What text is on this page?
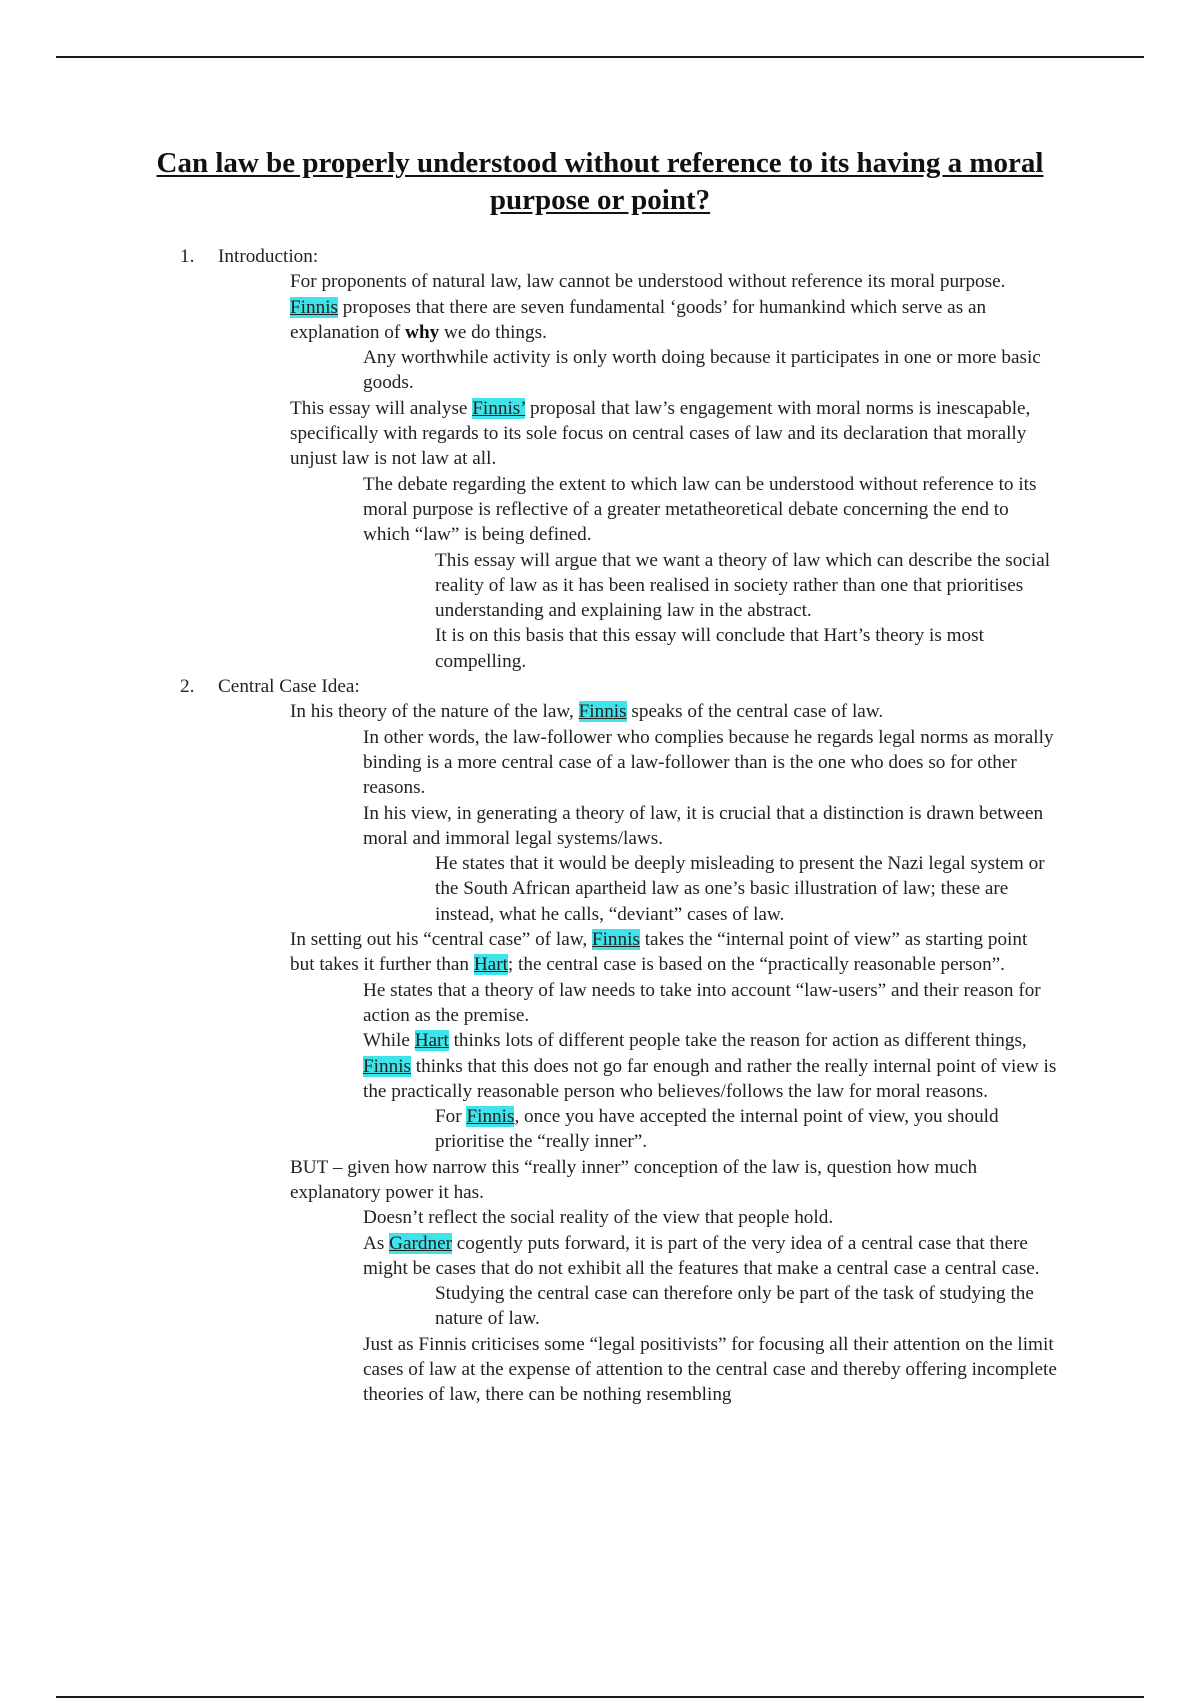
Can law be properly understood without reference to its having a moral purpose or point?
1. Introduction:
For proponents of natural law, law cannot be understood without reference its moral purpose.
Finnis proposes that there are seven fundamental ‘goods’ for humankind which serve as an explanation of why we do things.
Any worthwhile activity is only worth doing because it participates in one or more basic goods.
This essay will analyse Finnis’ proposal that law’s engagement with moral norms is inescapable, specifically with regards to its sole focus on central cases of law and its declaration that morally unjust law is not law at all.
The debate regarding the extent to which law can be understood without reference to its moral purpose is reflective of a greater metatheoretical debate concerning the end to which “law” is being defined.
This essay will argue that we want a theory of law which can describe the social reality of law as it has been realised in society rather than one that prioritises understanding and explaining law in the abstract.
It is on this basis that this essay will conclude that Hart’s theory is most compelling.
2. Central Case Idea:
In his theory of the nature of the law, Finnis speaks of the central case of law.
In other words, the law-follower who complies because he regards legal norms as morally binding is a more central case of a law-follower than is the one who does so for other reasons.
In his view, in generating a theory of law, it is crucial that a distinction is drawn between moral and immoral legal systems/laws.
He states that it would be deeply misleading to present the Nazi legal system or the South African apartheid law as one’s basic illustration of law; these are instead, what he calls, “deviant” cases of law.
In setting out his “central case” of law, Finnis takes the “internal point of view” as starting point but takes it further than Hart; the central case is based on the “practically reasonable person”.
He states that a theory of law needs to take into account “law-users” and their reason for action as the premise.
While Hart thinks lots of different people take the reason for action as different things, Finnis thinks that this does not go far enough and rather the really internal point of view is the practically reasonable person who believes/follows the law for moral reasons.
For Finnis, once you have accepted the internal point of view, you should prioritise the “really inner”.
BUT – given how narrow this “really inner” conception of the law is, question how much explanatory power it has.
Doesn’t reflect the social reality of the view that people hold.
As Gardner cogently puts forward, it is part of the very idea of a central case that there might be cases that do not exhibit all the features that make a central case a central case.
Studying the central case can therefore only be part of the task of studying the nature of law.
Just as Finnis criticises some “legal positivists” for focusing all their attention on the limit cases of law at the expense of attention to the central case and thereby offering incomplete theories of law, there can be nothing resembling
